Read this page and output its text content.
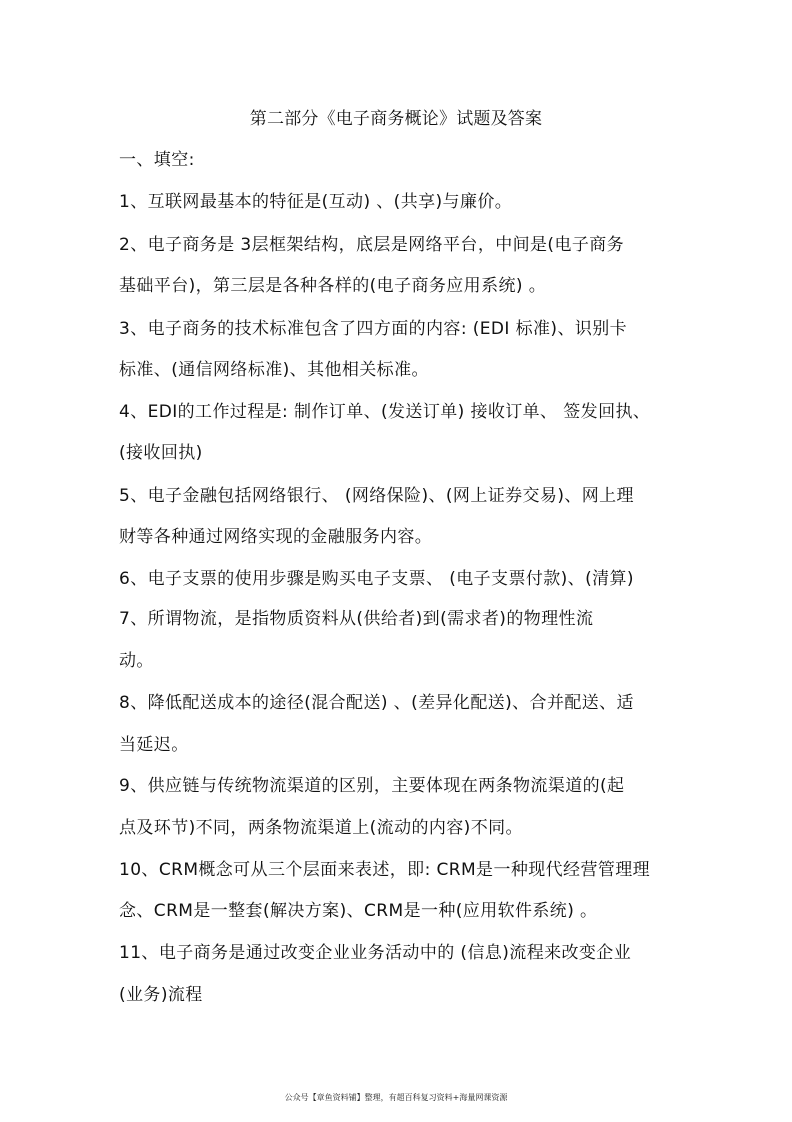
第二部分《电子商务概论》试题及答案
一、填空:
1、互联网最基本的特征是(互动) 、(共享)与廉价。
2、电子商务是 3层框架结构，底层是网络平台，中间是(电子商务
基础平台)，第三层是各种各样的(电子商务应用系统) 。
3、电子商务的技术标准包含了四方面的内容: (EDI 标准)、识别卡
标准、(通信网络标准)、其他相关标准。
4、EDI的工作过程是: 制作订单、(发送订单) 接收订单、 签发回执、
(接收回执)
5、电子金融包括网络银行、 (网络保险)、(网上证券交易)、网上理
财等各种通过网络实现的金融服务内容。
6、电子支票的使用步骤是购买电子支票、 (电子支票付款)、(清算)
7、所谓物流，是指物质资料从(供给者)到(需求者)的物理性流
动。
8、降低配送成本的途径(混合配送) 、(差异化配送)、合并配送、适
当延迟。
9、供应链与传统物流渠道的区别，主要体现在两条物流渠道的(起
点及环节)不同，两条物流渠道上(流动的内容)不同。
10、CRM概念可从三个层面来表述，即: CRM是一种现代经营管理理
念、CRM是一整套(解决方案)、CRM是一种(应用软件系统) 。
11、电子商务是通过改变企业业务活动中的 (信息)流程来改变企业
(业务)流程
公众号【章鱼资料铺】整理，有超百科复习资料+海量网课资源
